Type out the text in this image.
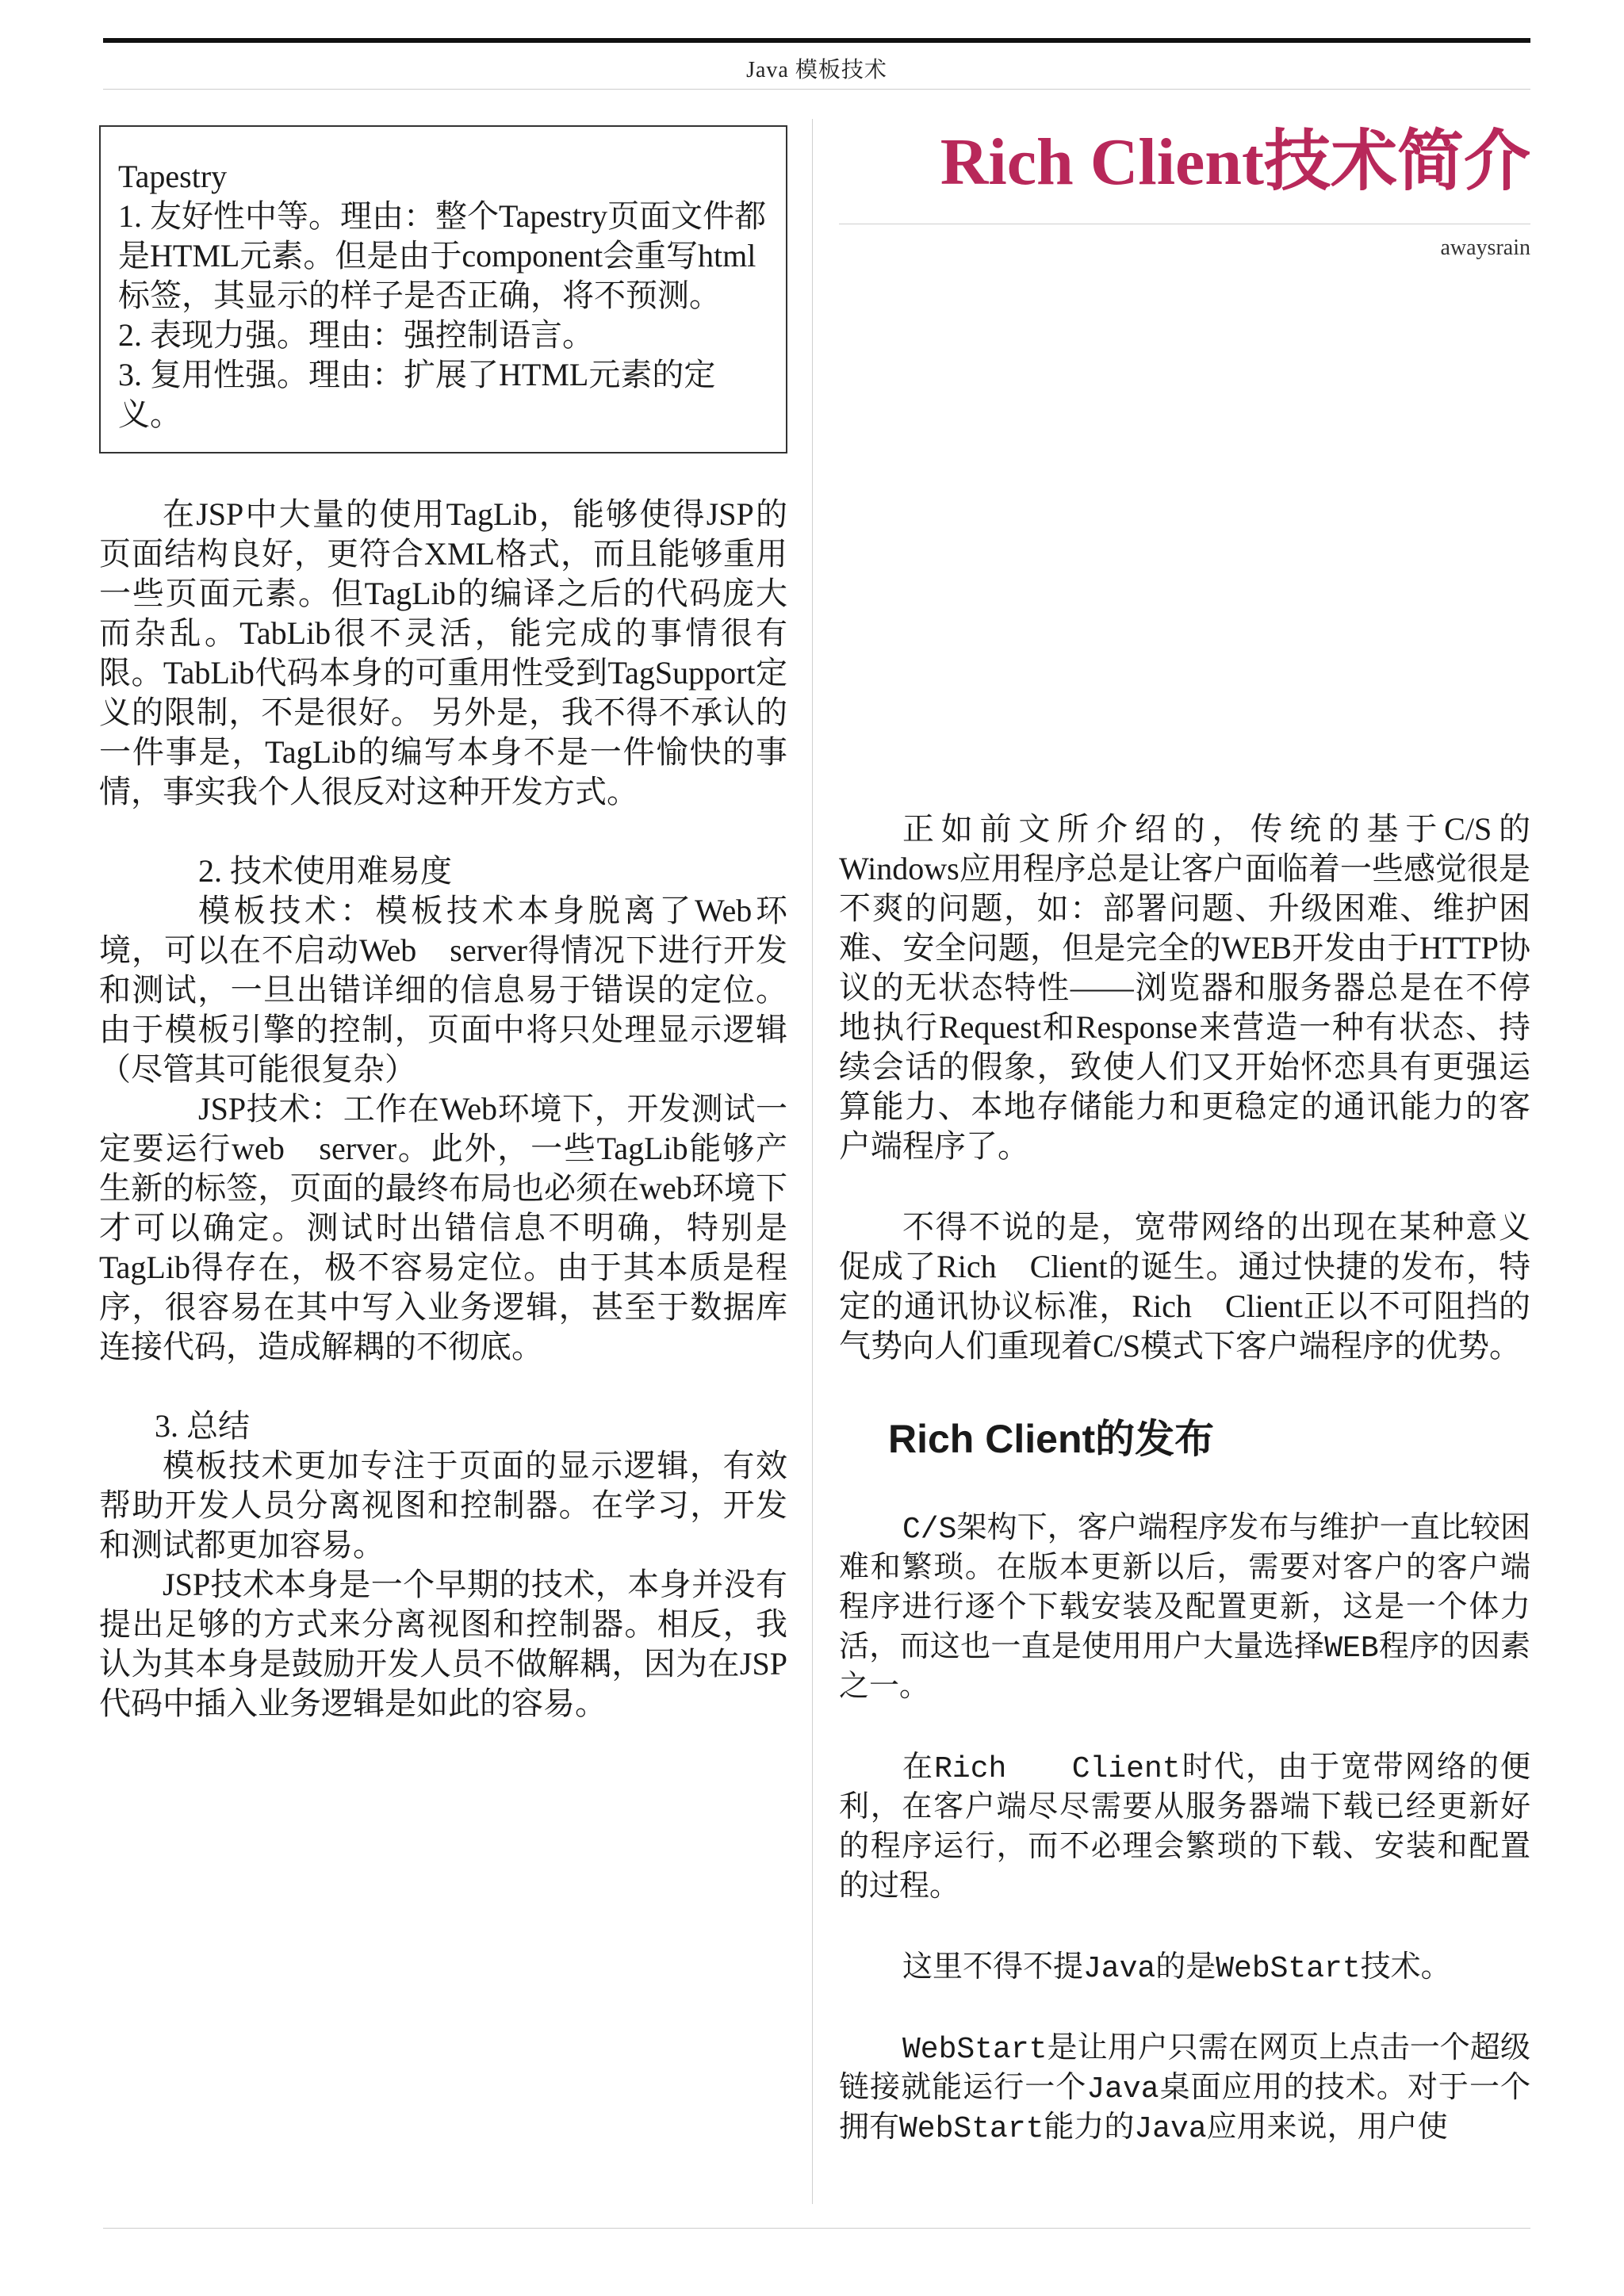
Java 模板技术

Tapestry

1. 友好性中等。理由：整个Tapestry页面文件都是HTML元素。但是由于component会重写html标签，其显示的样子是否正确，将不预测。

2. 表现力强。理由：强控制语言。

3. 复用性强。理由：扩展了HTML元素的定义。

在JSP中大量的使用TagLib，能够使得JSP的页面结构良好，更符合XML格式，而且能够重用一些页面元素。但TagLib的编译之后的代码庞大而杂乱。TabLib很不灵活，能完成的事情很有限。TabLib代码本身的可重用性受到TagSupport定义的限制，不是很好。 另外是，我不得不承认的一件事是，TagLib的编写本身不是一件愉快的事情，事实我个人很反对这种开发方式。

2. 技术使用难易度

模板技术：模板技术本身脱离了Web环境，可以在不启动Web　server得情况下进行开发和测试，一旦出错详细的信息易于错误的定位。由于模板引擎的控制，页面中将只处理显示逻辑（尽管其可能很复杂）

JSP技术：工作在Web环境下，开发测试一定要运行web　server。此外，一些TagLib能够产生新的标签，页面的最终布局也必须在web环境下才可以确定。测试时出错信息不明确，特别是TagLib得存在，极不容易定位。由于其本质是程序，很容易在其中写入业务逻辑，甚至于数据库连接代码，造成解耦的不彻底。

3. 总结

模板技术更加专注于页面的显示逻辑，有效帮助开发人员分离视图和控制器。在学习，开发和测试都更加容易。

JSP技术本身是一个早期的技术，本身并没有提出足够的方式来分离视图和控制器。相反，我认为其本身是鼓励开发人员不做解耦，因为在JSP代码中插入业务逻辑是如此的容易。

Rich Client技术简介

awaysrain

正如前文所介绍的，传统的基于C/S的Windows应用程序总是让客户面临着一些感觉很是不爽的问题，如：部署问题、升级困难、维护困难、安全问题，但是完全的WEB开发由于HTTP协议的无状态特性——浏览器和服务器总是在不停地执行Request和Response来营造一种有状态、持续会话的假象，致使人们又开始怀恋具有更强运算能力、本地存储能力和更稳定的通讯能力的客户端程序了。

不得不说的是，宽带网络的出现在某种意义促成了Rich　Client的诞生。通过快捷的发布，特定的通讯协议标准，Rich　Client正以不可阻挡的气势向人们重现着C/S模式下客户端程序的优势。

Rich Client的发布

C/S架构下，客户端程序发布与维护一直比较困难和繁琐。在版本更新以后，需要对客户的客户端程序进行逐个下载安装及配置更新，这是一个体力活，而这也一直是使用用户大量选择WEB程序的因素之一。

在Rich　　Client时代，由于宽带网络的便利，在客户端尽尽需要从服务器端下载已经更新好的程序运行，而不必理会繁琐的下载、安装和配置的过程。

这里不得不提Java的是WebStart技术。

WebStart是让用户只需在网页上点击一个超级链接就能运行一个Java桌面应用的技术。对于一个拥有WebStart能力的Java应用来说，用户使
